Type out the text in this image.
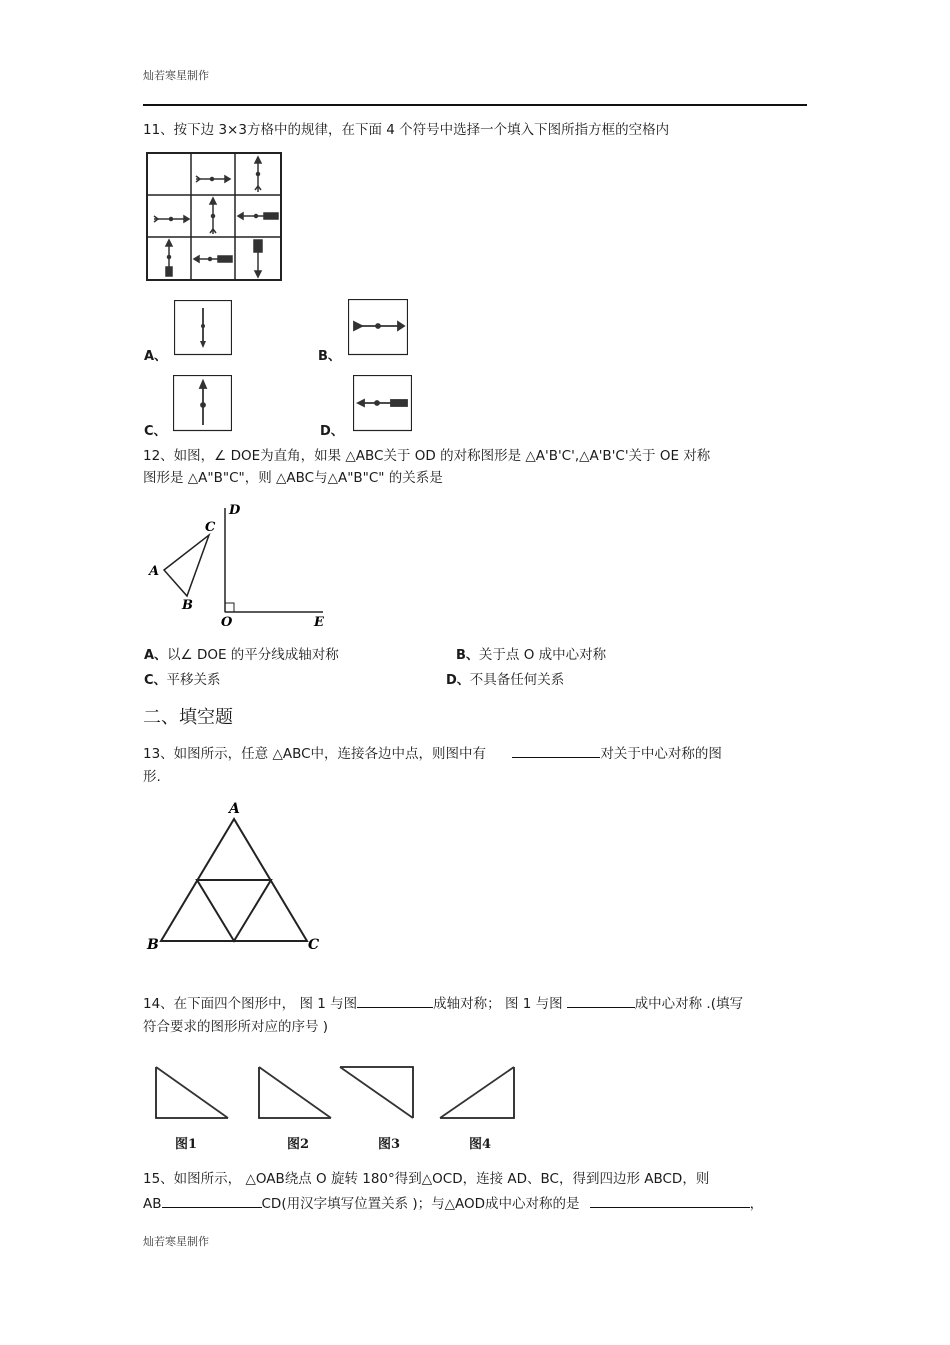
灿若寒星制作
11、按下边 3×3方格中的规律，在下面 4 个符号中选择一个填入下图所指方框的空格内
A、	B、
C、	D、
12、如图，∠ DOE为直角，如果 △ABC关于 OD 的对称图形是 △A'B'C',△A'B'C'关于 OE 对称
图形是 △A"B"C"，则 △ABC与△A"B"C" 的关系是
A
C
B
D
O	E
A、以∠ DOE 的平分线成轴对称	B、关于点 O 成中心对称
C、平移关系	D、不具备任何关系
二、填空题
13、如图所示，任意 △ABC中，连接各边中点，则图中有	对关于中心对称的图
形.
A
B	C
14、在下面四个图形中， 图 1 与图	成轴对称； 图 1 与图	成中心对称 .(填写
符合要求的图形所对应的序号 )
图1	图2	图3	图4
15、如图所示， △OAB绕点 O 旋转 180°得到△OCD，连接 AD、BC，得到四边形 ABCD，则
AB	CD(用汉字填写位置关系 )；与△AOD成中心对称的是	，
灿若寒星制作
